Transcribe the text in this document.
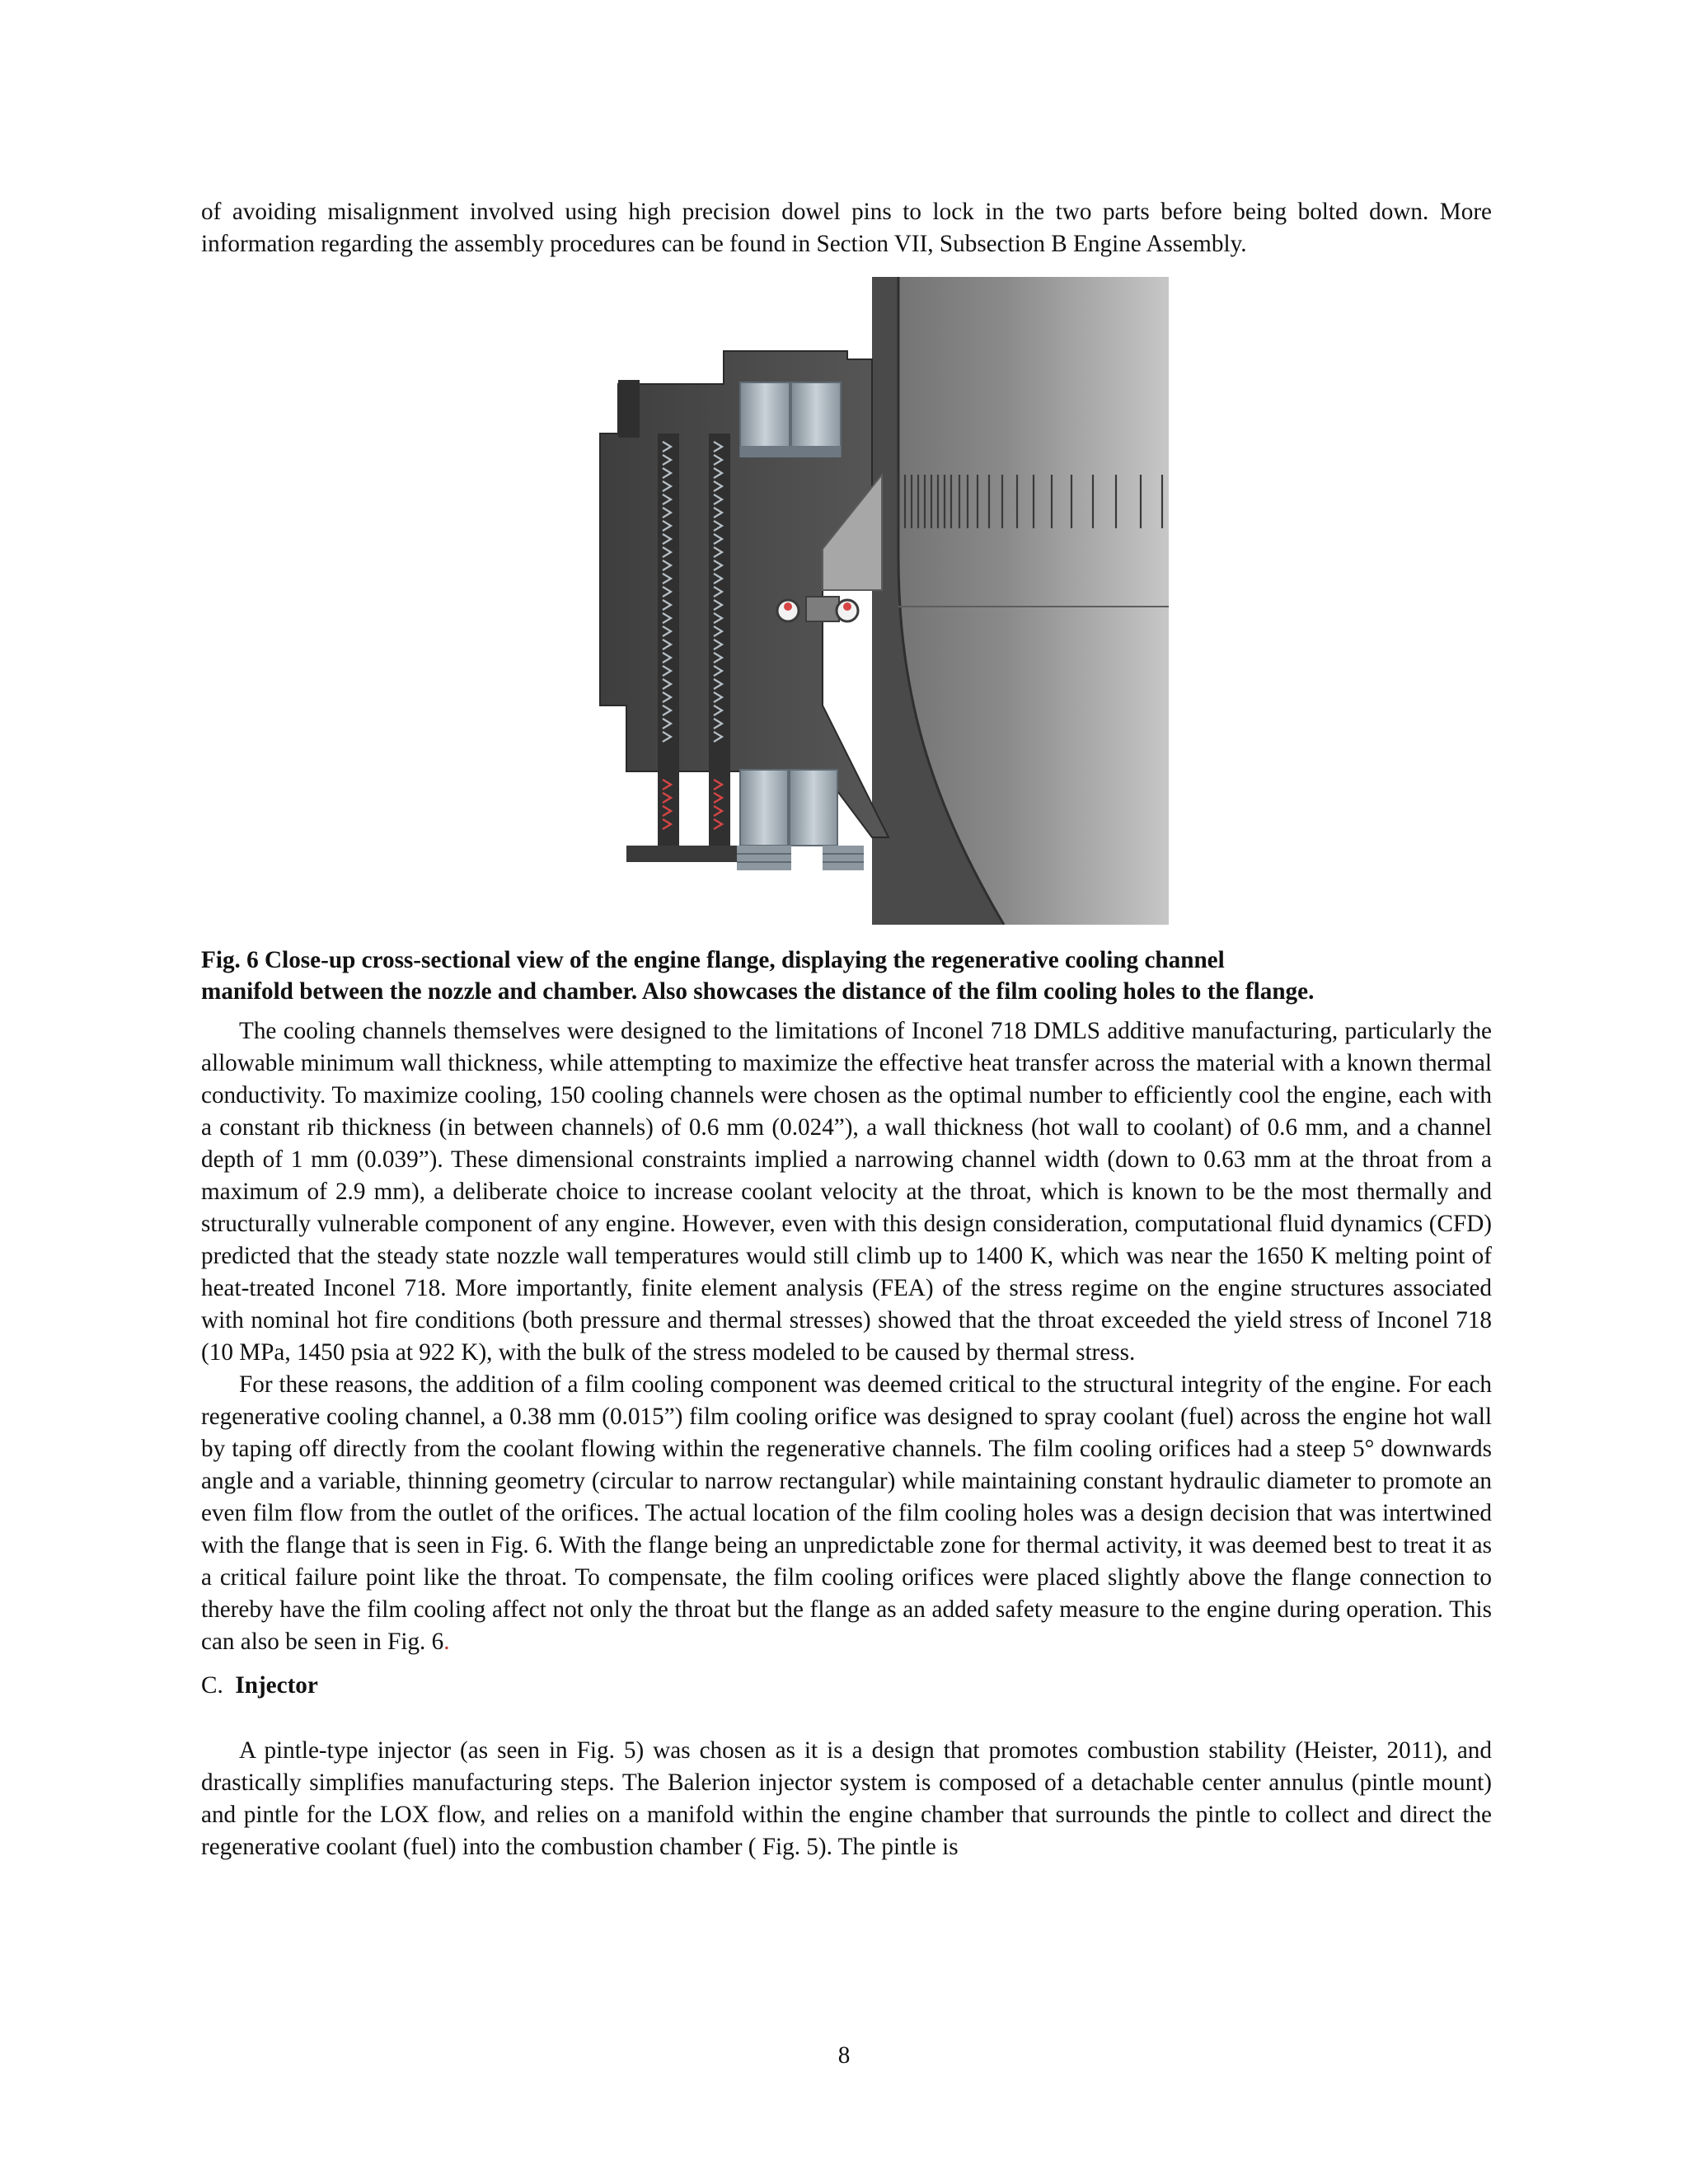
of avoiding misalignment involved using high precision dowel pins to lock in the two parts before being bolted down. More information regarding the assembly procedures can be found in Section VII, Subsection B Engine Assembly.

Fig. 6 Close-up cross-sectional view of the engine flange, displaying the regenerative cooling channel
manifold between the nozzle and chamber. Also showcases the distance of the film cooling holes to the flange.

The cooling channels themselves were designed to the limitations of Inconel 718 DMLS additive manufacturing, particularly the allowable minimum wall thickness, while attempting to maximize the effective heat transfer across the material with a known thermal conductivity. To maximize cooling, 150 cooling channels were chosen as the optimal number to efficiently cool the engine, each with a constant rib thickness (in between channels) of 0.6 mm (0.024”), a wall thickness (hot wall to coolant) of 0.6 mm, and a channel depth of 1 mm (0.039”). These dimensional constraints implied a narrowing channel width (down to 0.63 mm at the throat from a maximum of 2.9 mm), a deliberate choice to increase coolant velocity at the throat, which is known to be the most thermally and structurally vulnerable component of any engine. However, even with this design consideration, computational fluid dynamics (CFD) predicted that the steady state nozzle wall temperatures would still climb up to 1400 K, which was near the 1650 K melting point of heat-treated Inconel 718. More importantly, finite element analysis (FEA) of the stress regime on the engine structures associated with nominal hot fire conditions (both pressure and thermal stresses) showed that the throat exceeded the yield stress of Inconel 718 (10 MPa, 1450 psia at 922 K), with the bulk of the stress modeled to be caused by thermal stress.

For these reasons, the addition of a film cooling component was deemed critical to the structural integrity of the engine. For each regenerative cooling channel, a 0.38 mm (0.015”) film cooling orifice was designed to spray coolant (fuel) across the engine hot wall by taping off directly from the coolant flowing within the regenerative channels. The film cooling orifices had a steep 5° downwards angle and a variable, thinning geometry (circular to narrow rectangular) while maintaining constant hydraulic diameter to promote an even film flow from the outlet of the orifices. The actual location of the film cooling holes was a design decision that was intertwined with the flange that is seen in Fig. 6. With the flange being an unpredictable zone for thermal activity, it was deemed best to treat it as a critical failure point like the throat. To compensate, the film cooling orifices were placed slightly above the flange connection to thereby have the film cooling affect not only the throat but the flange as an added safety measure to the engine during operation. This can also be seen in Fig. 6.

C. Injector

A pintle-type injector (as seen in Fig. 5) was chosen as it is a design that promotes combustion stability (Heister, 2011), and drastically simplifies manufacturing steps. The Balerion injector system is composed of a detachable center annulus (pintle mount) and pintle for the LOX flow, and relies on a manifold within the engine chamber that surrounds the pintle to collect and direct the regenerative coolant (fuel) into the combustion chamber ( Fig. 5). The pintle is

8
